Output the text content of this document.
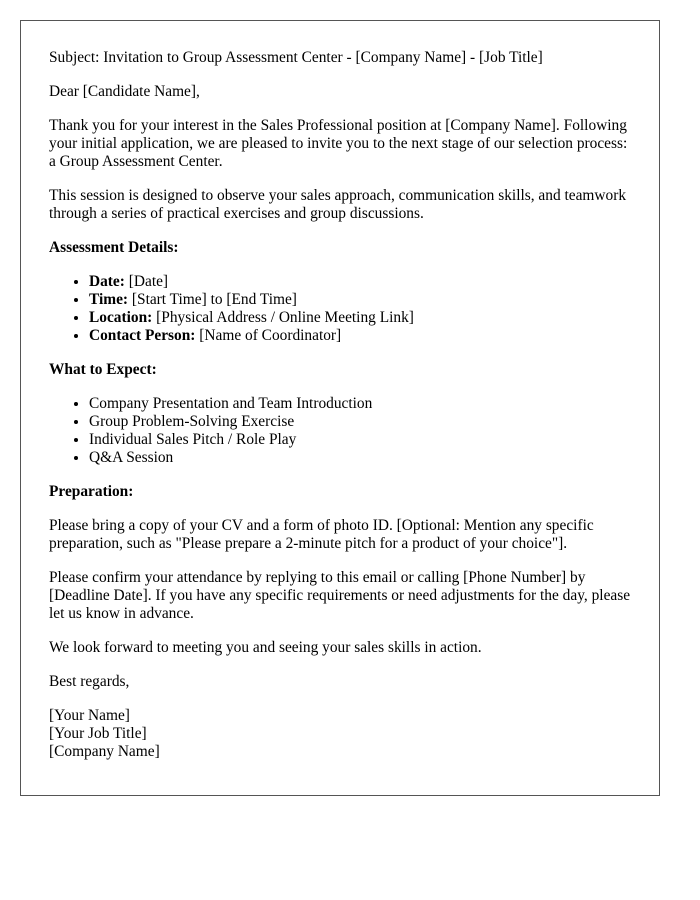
Subject: Invitation to Group Assessment Center - [Company Name] - [Job Title]

Dear [Candidate Name],

Thank you for your interest in the Sales Professional position at [Company Name]. Following your initial application, we are pleased to invite you to the next stage of our selection process: a Group Assessment Center.

This session is designed to observe your sales approach, communication skills, and teamwork through a series of practical exercises and group discussions.

Assessment Details:

• Date: [Date]
• Time: [Start Time] to [End Time]
• Location: [Physical Address / Online Meeting Link]
• Contact Person: [Name of Coordinator]

What to Expect:

• Company Presentation and Team Introduction
• Group Problem-Solving Exercise
• Individual Sales Pitch / Role Play
• Q&A Session

Preparation:

Please bring a copy of your CV and a form of photo ID. [Optional: Mention any specific preparation, such as "Please prepare a 2-minute pitch for a product of your choice"].

Please confirm your attendance by replying to this email or calling [Phone Number] by [Deadline Date]. If you have any specific requirements or need adjustments for the day, please let us know in advance.

We look forward to meeting you and seeing your sales skills in action.

Best regards,

[Your Name]

[Your Job Title]

[Company Name]
